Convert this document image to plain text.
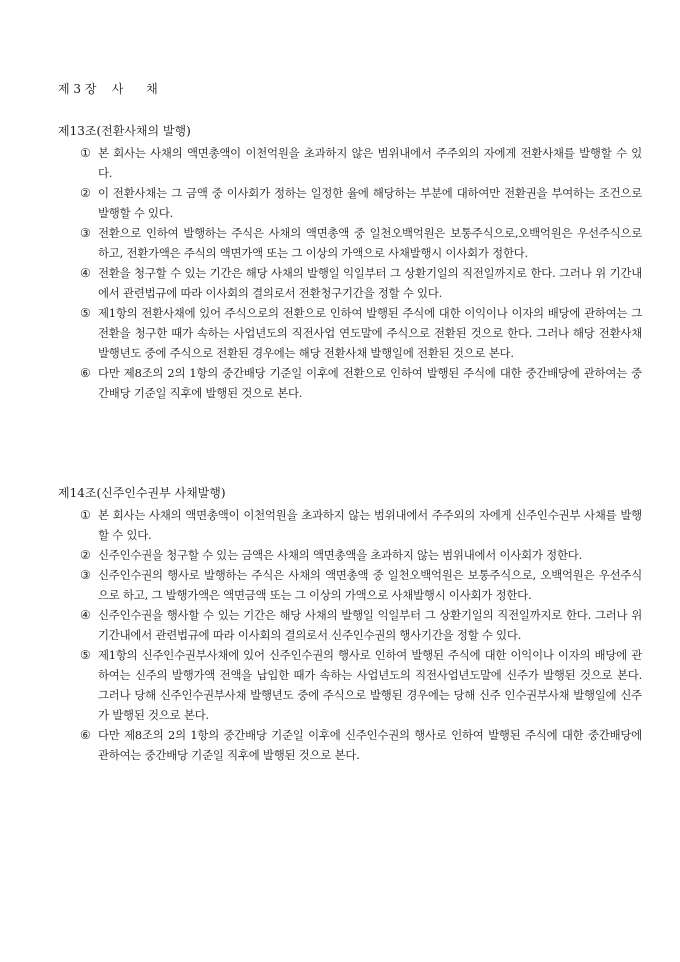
제 3 장    사      채
제13조(전환사채의 발행)
① 본 회사는 사채의 액면총액이 이천억원을 초과하지 않은 범위내에서 주주외의 자에게 전환사채를 발행할 수 있다.
② 이 전환사채는 그 금액 중 이사회가 정하는 일정한 율에 해당하는 부분에 대하여만 전환권을 부여하는 조건으로 발행할 수 있다.
③ 전환으로 인하여 발행하는 주식은 사채의 액면총액 중 일천오백억원은 보통주식으로,오백억원은 우선주식으로 하고, 전환가액은 주식의 액면가액 또는 그 이상의 가액으로 사채발행시 이사회가 정한다.
④ 전환을 청구할 수 있는 기간은 해당 사채의 발행일 익일부터 그 상환기일의 직전일까지로 한다. 그러나 위 기간내에서 관련법규에 따라 이사회의 결의로서 전환청구기간을 정할 수 있다.
⑤ 제1항의 전환사채에 있어 주식으로의 전환으로 인하여 발행된 주식에 대한 이익이나 이자의 배당에 관하여는 그 전환을 청구한 때가 속하는 사업년도의 직전사업 연도말에 주식으로 전환된 것으로 한다. 그러나 해당 전환사채발행년도 중에 주식으로 전환된 경우에는 해당 전환사채 발행일에 전환된 것으로 본다.
⑥ 다만 제8조의 2의 1항의 중간배당 기준일 이후에 전환으로 인하여 발행된 주식에 대한 중간배당에 관하여는 중간배당 기준일 직후에 발행된 것으로 본다.
제14조(신주인수권부 사채발행)
① 본 회사는 사채의 액면총액이 이천억원을 초과하지 않는 범위내에서 주주외의 자에게 신주인수권부 사채를 발행할 수 있다.
② 신주인수권을 청구할 수 있는 금액은 사채의 액면총액을 초과하지 않는 범위내에서 이사회가 정한다.
③ 신주인수권의 행사로 발행하는 주식은 사채의 액면총액 중 일천오백억원은 보통주식으로, 오백억원은 우선주식으로 하고, 그 발행가액은 액면금액 또는 그 이상의 가액으로 사채발행시 이사회가 정한다.
④ 신주인수권을 행사할 수 있는 기간은 해당 사채의 발행일 익일부터 그 상환기일의 직전일까지로 한다. 그러나 위 기간내에서 관련법규에 따라 이사회의 결의로서 신주인수권의 행사기간을 정할 수 있다.
⑤ 제1항의 신주인수권부사채에 있어 신주인수권의 행사로 인하여 발행된 주식에 대한 이익이나 이자의 배당에 관하여는 신주의 발행가액 전액을 납입한 때가 속하는 사업년도의 직전사업년도말에 신주가 발행된 것으로 본다. 그러나 당해 신주인수권부사채 발행년도 중에 주식으로 발행된 경우에는 당해 신주 인수권부사채 발행일에 신주가 발행된 것으로 본다.
⑥ 다만 제8조의 2의 1항의 중간배당 기준일 이후에 신주인수권의 행사로 인하여 발행된 주식에 대한 중간배당에 관하여는 중간배당 기준일 직후에 발행된 것으로 본다.
